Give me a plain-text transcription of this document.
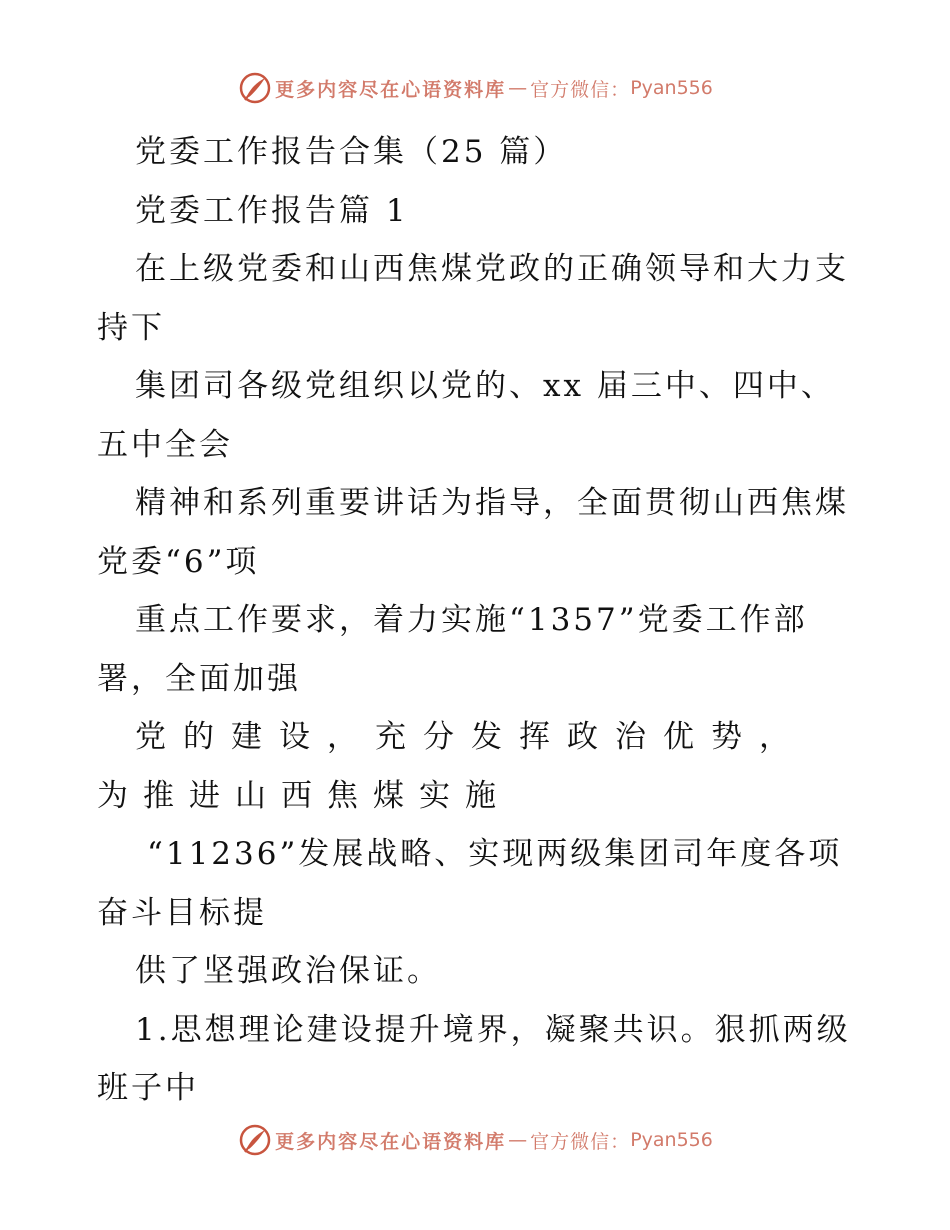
更多内容尽在心语资料库 — 官方微信： Pyan556
党委工作报告合集（25 篇）
党委工作报告篇 1
在上级党委和山西焦煤党政的正确领导和大力支
持下
集团司各级党组织以党的、xx 届三中、四中、
五中全会
精神和系列重要讲话为指导，全面贯彻山西焦煤
党委“6”项
重点工作要求，着力实施“1357”党委工作部
署，全面加强
党的建设，充分发挥政治优势，
为推进山西焦煤实施
“11236”发展战略、实现两级集团司年度各项
奋斗目标提
供了坚强政治保证。
1.思想理论建设提升境界，凝聚共识。狠抓两级
班子中
更多内容尽在心语资料库 — 官方微信： Pyan556
